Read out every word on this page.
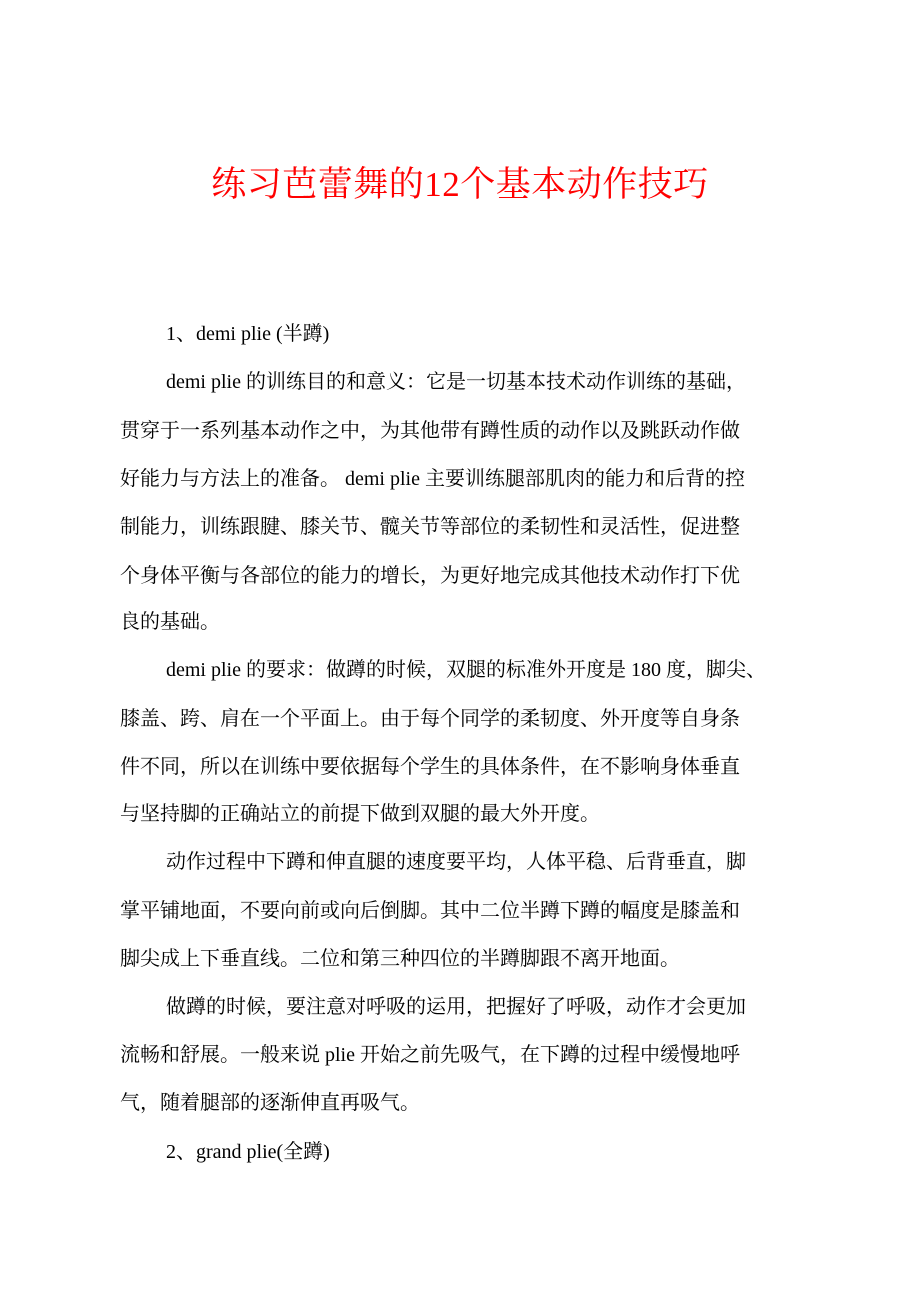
练习芭蕾舞的12个基本动作技巧

1、demi plie (半蹲)

demi plie 的训练目的和意义：它是一切基本技术动作训练的基础，

贯穿于一系列基本动作之中，为其他带有蹲性质的动作以及跳跃动作做

好能力与方法上的准备。 demi plie 主要训练腿部肌肉的能力和后背的控

制能力，训练跟腱、膝关节、髋关节等部位的柔韧性和灵活性，促进整

个身体平衡与各部位的能力的增长，为更好地完成其他技术动作打下优

良的基础。

demi plie 的要求：做蹲的时候，双腿的标准外开度是 180 度，脚尖、

膝盖、跨、肩在一个平面上。由于每个同学的柔韧度、外开度等自身条

件不同，所以在训练中要依据每个学生的具体条件，在不影响身体垂直

与坚持脚的正确站立的前提下做到双腿的最大外开度。

动作过程中下蹲和伸直腿的速度要平均，人体平稳、后背垂直，脚

掌平铺地面，不要向前或向后倒脚。其中二位半蹲下蹲的幅度是膝盖和

脚尖成上下垂直线。二位和第三种四位的半蹲脚跟不离开地面。

做蹲的时候，要注意对呼吸的运用，把握好了呼吸，动作才会更加

流畅和舒展。一般来说 plie 开始之前先吸气，在下蹲的过程中缓慢地呼

气，随着腿部的逐渐伸直再吸气。

2、grand plie(全蹲)
